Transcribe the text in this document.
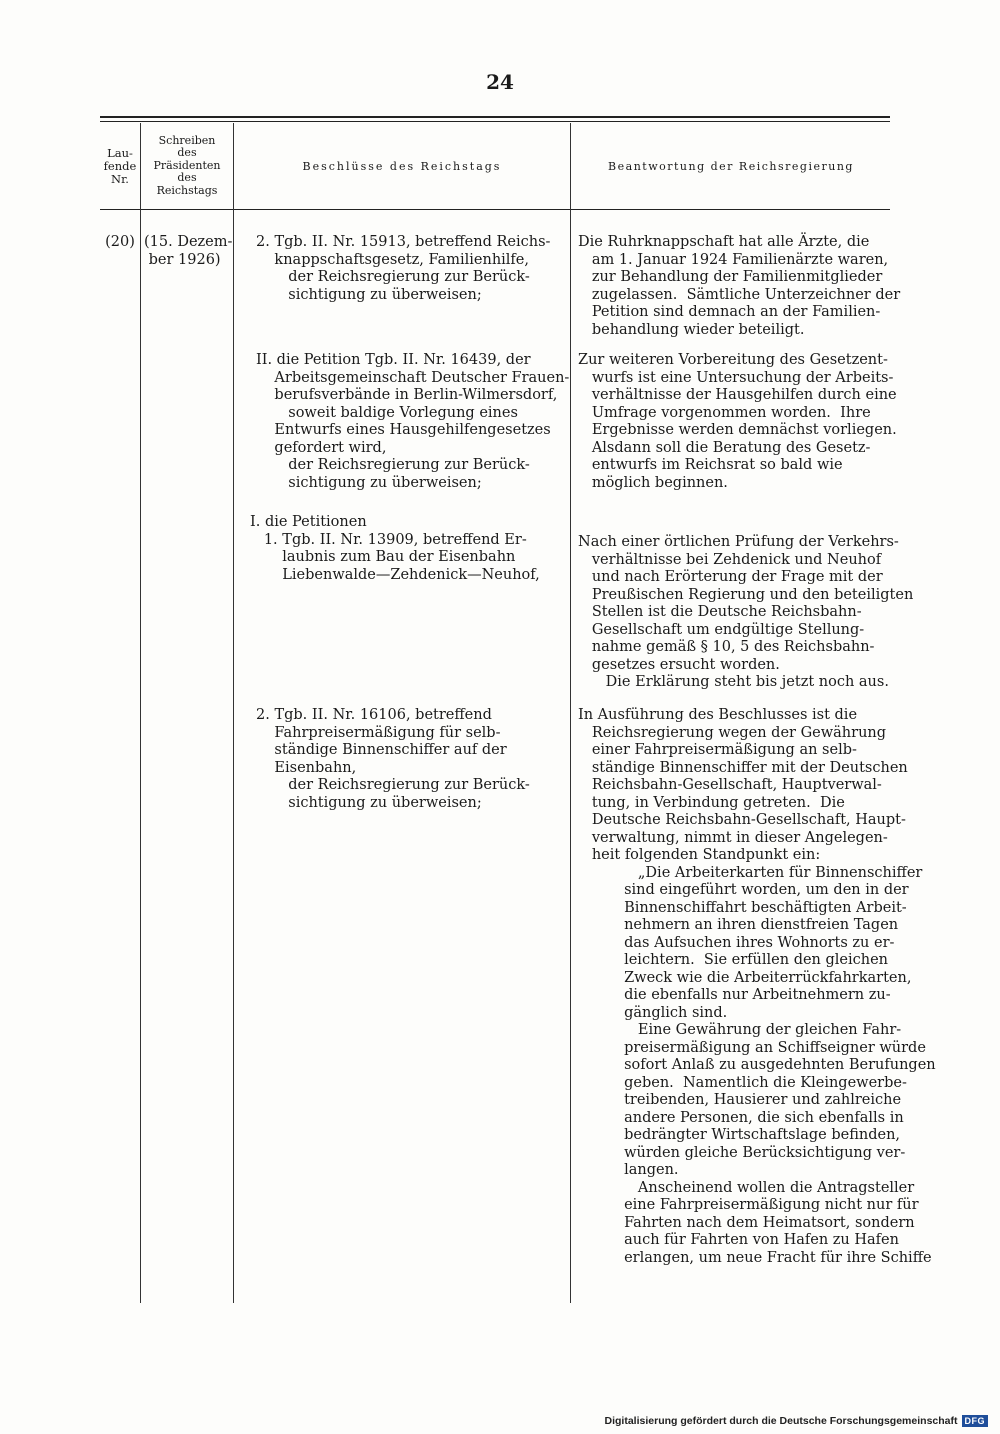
24
Lau-
fende
Nr.
Schreiben
des
Präsidenten
des
Reichstags
Beschlüsse des Reichstags	Beantwortung der Reichsregierung
(20) (15. Dezem-
ber 1926)
2. Tgb. II. Nr. 15913, betreffend Reichs-
knappschaftsgesetz, Familienhilfe,
der Reichsregierung zur Berück-
sichtigung zu überweisen;
II. die Petition Tgb. II. Nr. 16439, der
Arbeitsgemeinschaft Deutscher Frauen-
berufsverbände in Berlin-Wilmersdorf,
soweit baldige Vorlegung eines
Entwurfs eines Hausgehilfengesetzes
gefordert wird,
der Reichsregierung zur Berück-
sichtigung zu überweisen;
I. die Petitionen
1. Tgb. II. Nr. 13909, betreffend Er-
laubnis zum Bau der Eisenbahn
Liebenwalde—Zehdenick—Neuhof,
2. Tgb. II. Nr. 16106, betreffend
Fahrpreisermäßigung für selb-
ständige Binnenschiffer auf der
Eisenbahn,
der Reichsregierung zur Berück-
sichtigung zu überweisen;
Die Ruhrknappschaft hat alle Ärzte, die
am 1. Januar 1924 Familienärzte waren,
zur Behandlung der Familienmitglieder
zugelassen.  Sämtliche Unterzeichner der
Petition sind demnach an der Familien-
behandlung wieder beteiligt.
Zur weiteren Vorbereitung des Gesetzent-
wurfs ist eine Untersuchung der Arbeits-
verhältnisse der Hausgehilfen durch eine
Umfrage vorgenommen worden.  Ihre
Ergebnisse werden demnächst vorliegen.
Alsdann soll die Beratung des Gesetz-
entwurfs im Reichsrat so bald wie
möglich beginnen.
Nach einer örtlichen Prüfung der Verkehrs-
verhältnisse bei Zehdenick und Neuhof
und nach Erörterung der Frage mit der
Preußischen Regierung und den beteiligten
Stellen ist die Deutsche Reichsbahn-
Gesellschaft um endgültige Stellung-
nahme gemäß § 10, 5 des Reichsbahn-
gesetzes ersucht worden.
Die Erklärung steht bis jetzt noch aus.
In Ausführung des Beschlusses ist die
Reichsregierung wegen der Gewährung
einer Fahrpreisermäßigung an selb-
ständige Binnenschiffer mit der Deutschen
Reichsbahn-Gesellschaft, Hauptverwal-
tung, in Verbindung getreten.  Die
Deutsche Reichsbahn-Gesellschaft, Haupt-
verwaltung, nimmt in dieser Angelegen-
heit folgenden Standpunkt ein:
„Die Arbeiterkarten für Binnenschiffer
sind eingeführt worden, um den in der
Binnenschiffahrt beschäftigten Arbeit-
nehmern an ihren dienstfreien Tagen
das Aufsuchen ihres Wohnorts zu er-
leichtern.  Sie erfüllen den gleichen
Zweck wie die Arbeiterrückfahrkarten,
die ebenfalls nur Arbeitnehmern zu-
gänglich sind.
Eine Gewährung der gleichen Fahr-
preisermäßigung an Schiffseigner würde
sofort Anlaß zu ausgedehnten Berufungen
geben.  Namentlich die Kleingewerbe-
treibenden, Hausierer und zahlreiche
andere Personen, die sich ebenfalls in
bedrängter Wirtschaftslage befinden,
würden gleiche Berücksichtigung ver-
langen.
Anscheinend wollen die Antragsteller
eine Fahrpreisermäßigung nicht nur für
Fahrten nach dem Heimatsort, sondern
auch für Fahrten von Hafen zu Hafen
erlangen, um neue Fracht für ihre Schiffe
Digitalisierung gefördert durch die Deutsche Forschungsgemeinschaft DFG
